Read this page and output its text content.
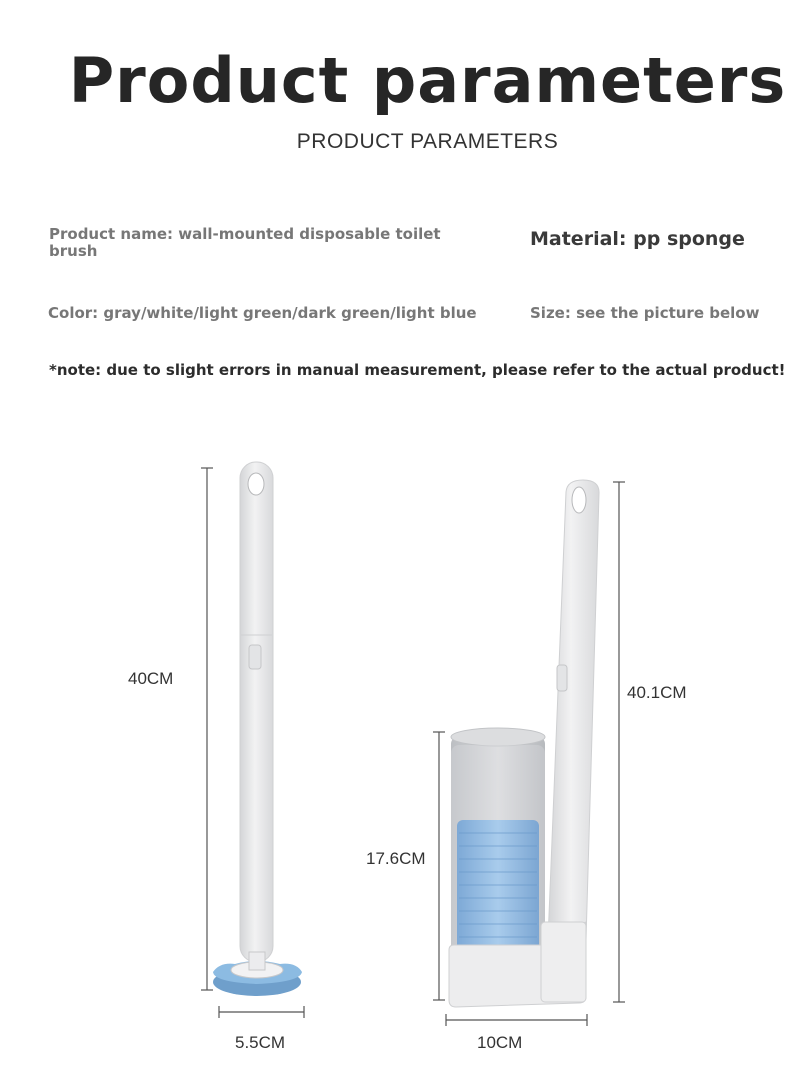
Product parameters
PRODUCT PARAMETERS
Product name: wall-mounted disposable toilet brush
Material: pp sponge
Color: gray/white/light green/dark green/light blue	Size: see the picture below
*note: due to slight errors in manual measurement, please refer to the actual product!
40CM
5.5CM
17.6CM
40.1CM
10CM
